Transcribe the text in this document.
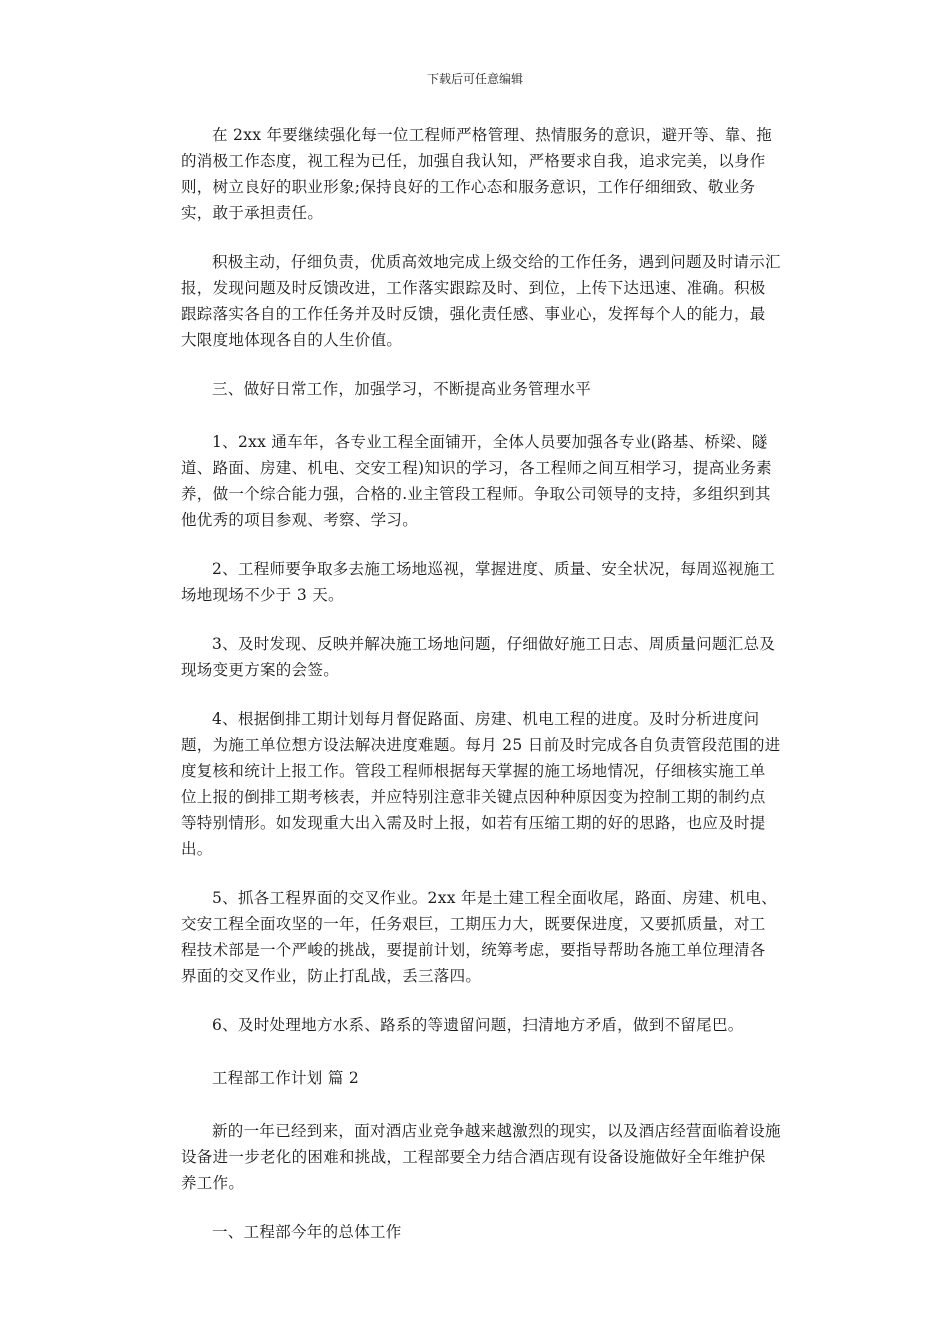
下载后可任意编辑

在 2xx 年要继续强化每一位工程师严格管理、热情服务的意识，避开等、靠、拖的消极工作态度，视工程为已任，加强自我认知，严格要求自我，追求完美，以身作则，树立良好的职业形象;保持良好的工作心态和服务意识，工作仔细细致、敬业务实，敢于承担责任。

积极主动，仔细负责，优质高效地完成上级交给的工作任务，遇到问题及时请示汇报，发现问题及时反馈改进，工作落实跟踪及时、到位，上传下达迅速、准确。积极跟踪落实各自的工作任务并及时反馈，强化责任感、事业心，发挥每个人的能力，最大限度地体现各自的人生价值。

三、做好日常工作，加强学习，不断提高业务管理水平

1、2xx 通车年，各专业工程全面铺开，全体人员要加强各专业(路基、桥梁、隧道、路面、房建、机电、交安工程)知识的学习，各工程师之间互相学习，提高业务素养，做一个综合能力强，合格的.业主管段工程师。争取公司领导的支持，多组织到其他优秀的项目参观、考察、学习。

2、工程师要争取多去施工场地巡视，掌握进度、质量、安全状况，每周巡视施工场地现场不少于 3 天。

3、及时发现、反映并解决施工场地问题，仔细做好施工日志、周质量问题汇总及现场变更方案的会签。

4、根据倒排工期计划每月督促路面、房建、机电工程的进度。及时分析进度问题，为施工单位想方设法解决进度难题。每月 25 日前及时完成各自负责管段范围的进度复核和统计上报工作。管段工程师根据每天掌握的施工场地情况，仔细核实施工单位上报的倒排工期考核表，并应特别注意非关键点因种种原因变为控制工期的制约点等特别情形。如发现重大出入需及时上报，如若有压缩工期的好的思路，也应及时提出。

5、抓各工程界面的交叉作业。2xx 年是土建工程全面收尾，路面、房建、机电、交安工程全面攻坚的一年，任务艰巨，工期压力大，既要保进度，又要抓质量，对工程技术部是一个严峻的挑战，要提前计划，统筹考虑，要指导帮助各施工单位理清各界面的交叉作业，防止打乱战，丢三落四。

6、及时处理地方水系、路系的等遗留问题，扫清地方矛盾，做到不留尾巴。

工程部工作计划 篇 2

新的一年已经到来，面对酒店业竞争越来越激烈的现实，以及酒店经营面临着设施设备进一步老化的困难和挑战，工程部要全力结合酒店现有设备设施做好全年维护保养工作。

一、工程部今年的总体工作
